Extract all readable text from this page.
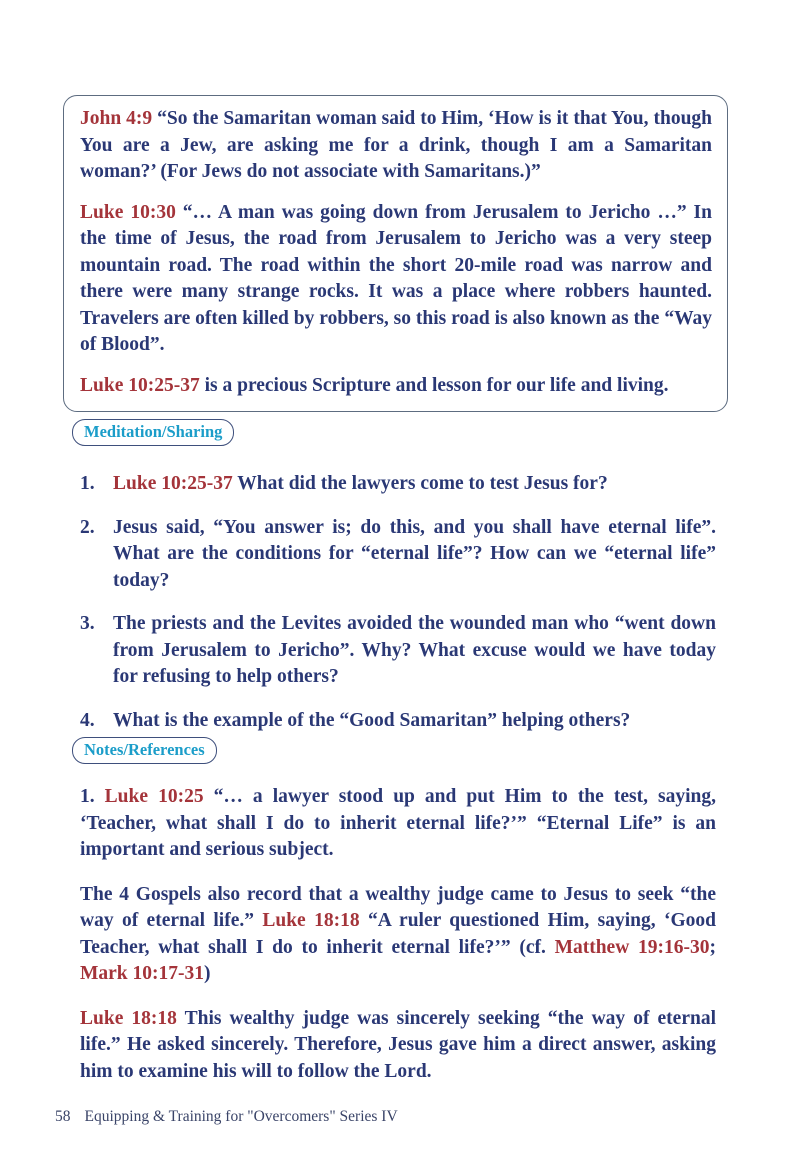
John 4:9 “So the Samaritan woman said to Him, ‘How is it that You, though You are a Jew, are asking me for a drink, though I am a Samaritan woman?’ (For Jews do not associate with Samaritans.)”

Luke 10:30 “… A man was going down from Jerusalem to Jericho …” In the time of Jesus, the road from Jerusalem to Jericho was a very steep mountain road. The road within the short 20-mile road was narrow and there were many strange rocks. It was a place where robbers haunted. Travelers are often killed by robbers, so this road is also known as the “Way of Blood”.

Luke 10:25-37 is a precious Scripture and lesson for our life and living.

Meditation/Sharing
1. Luke 10:25-37 What did the lawyers come to test Jesus for?
2. Jesus said, “You answer is; do this, and you shall have eternal life”. What are the conditions for “eternal life”? How can we “eternal life” today?
3. The priests and the Levites avoided the wounded man who “went down from Jerusalem to Jericho”. Why? What excuse would we have today for refusing to help others?
4. What is the example of the “Good Samaritan” helping others?
Notes/References

1. Luke 10:25 “… a lawyer stood up and put Him to the test, saying, ‘Teacher, what shall I do to inherit eternal life?’” “Eternal Life” is an important and serious subject.

The 4 Gospels also record that a wealthy judge came to Jesus to seek “the way of eternal life.” Luke 18:18 “A ruler questioned Him, saying, ‘Good Teacher, what shall I do to inherit eternal life?’” (cf. Matthew 19:16-30; Mark 10:17-31)

Luke 18:18 This wealthy judge was sincerely seeking “the way of eternal life.” He asked sincerely. Therefore, Jesus gave him a direct answer, asking him to examine his will to follow the Lord.

58 Equipping & Training for "Overcomers" Series IV
